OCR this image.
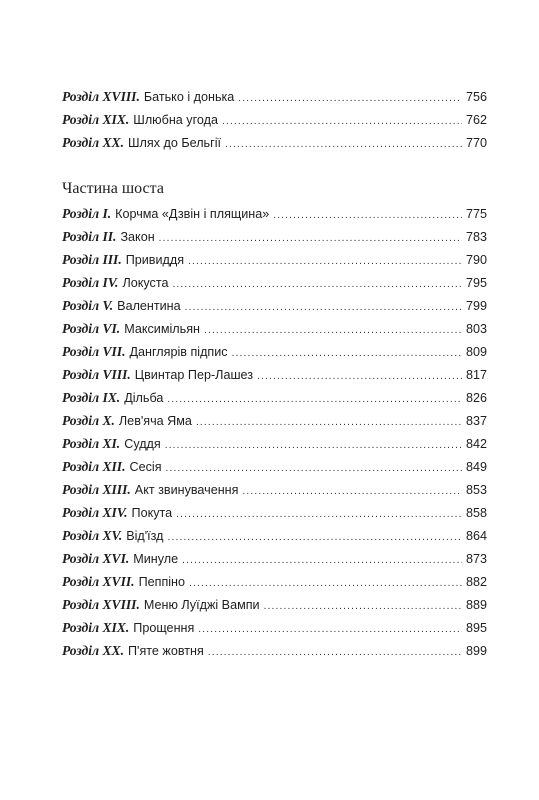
Розділ XVIII. Батько і донька .....	756
Розділ XIX. Шлюбна угода .....	762
Розділ XX. Шлях до Бельгії .....	770
Частина шоста
Розділ I. Корчма «Дзвін і плящина» .....	775
Розділ II. Закон .....	783
Розділ III. Привиддя .....	790
Розділ IV. Локуста .....	795
Розділ V. Валентина .....	799
Розділ VI. Максимільян .....	803
Розділ VII. Данглярів підпис .....	809
Розділ VIII. Цвинтар Пер-Лашез .....	817
Розділ IX. Дільба .....	826
Розділ X. Лев'яча Яма .....	837
Розділ XI. Суддя .....	842
Розділ XII. Сесія .....	849
Розділ XIII. Акт звинувачення .....	853
Розділ XIV. Покута .....	858
Розділ XV. Від'їзд .....	864
Розділ XVI. Минуле .....	873
Розділ XVII. Пеппіно .....	882
Розділ XVIII. Меню Луїджі Вампи .....	889
Розділ XIX. Прощення .....	895
Розділ XX. П'яте жовтня .....	899
